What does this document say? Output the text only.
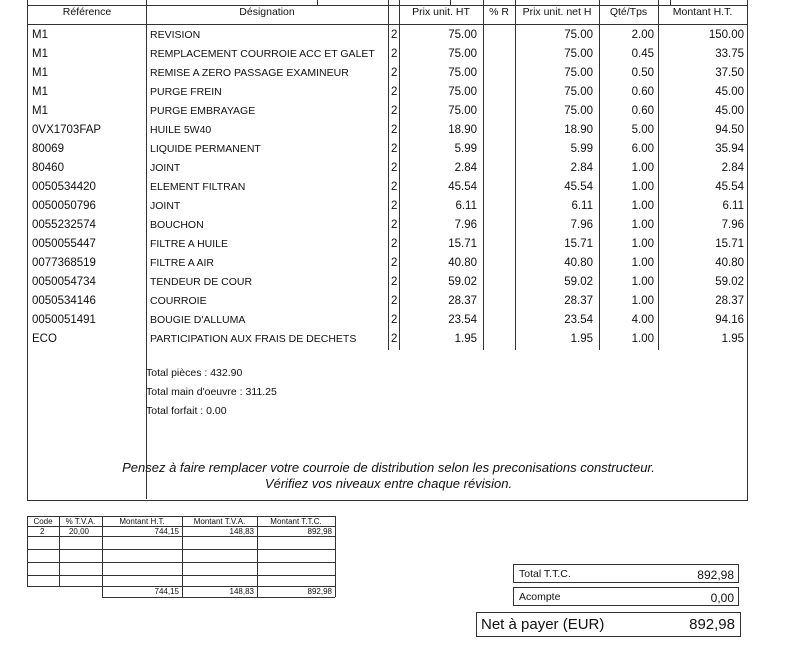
Référence	Désignation	Prix unit. HT	% R	Prix unit. net H	Qté/Tps	Montant H.T.
M1	REVISION	2	75.00	75.00	2.00	150.00
M1	REMPLACEMENT COURROIE ACC ET GALET	2	75.00	75.00	0.45	33.75
M1	REMISE A ZERO PASSAGE EXAMINEUR	2	75.00	75.00	0.50	37.50
M1	PURGE FREIN	2	75.00	75.00	0.60	45.00
M1	PURGE EMBRAYAGE	2	75.00	75.00	0.60	45.00
0VX1703FAP	HUILE 5W40	2	18.90	18.90	5.00	94.50
80069	LIQUIDE PERMANENT	2	5.99	5.99	6.00	35.94
80460	JOINT	2	2.84	2.84	1.00	2.84
0050534420	ELEMENT FILTRAN	2	45.54	45.54	1.00	45.54
0050050796	JOINT	2	6.11	6.11	1.00	6.11
0055232574	BOUCHON	2	7.96	7.96	1.00	7.96
0050055447	FILTRE A HUILE	2	15.71	15.71	1.00	15.71
0077368519	FILTRE A AIR	2	40.80	40.80	1.00	40.80
0050054734	TENDEUR DE COUR	2	59.02	59.02	1.00	59.02
0050534146	COURROIE	2	28.37	28.37	1.00	28.37
0050051491	BOUGIE D'ALLUMA	2	23.54	23.54	4.00	94.16
ECO	PARTICIPATION AUX FRAIS DE DECHETS	2	1.95	1.95	1.00	1.95
Total pièces : 432.90
Total main d'oeuvre : 311.25
Total forfait : 0.00
Pensez à faire remplacer votre courroie de distribution selon les preconisations constructeur.
Vérifiez vos niveaux entre chaque révision.
Code	% T.V.A.	Montant H.T.	Montant T.V.A.	Montant T.T.C.
2	20,00	744,15	148,83	892,98
744,15	148,83	892,98
Total T.T.C.	892,98
Acompte	0,00
Net à payer (EUR)	892,98
